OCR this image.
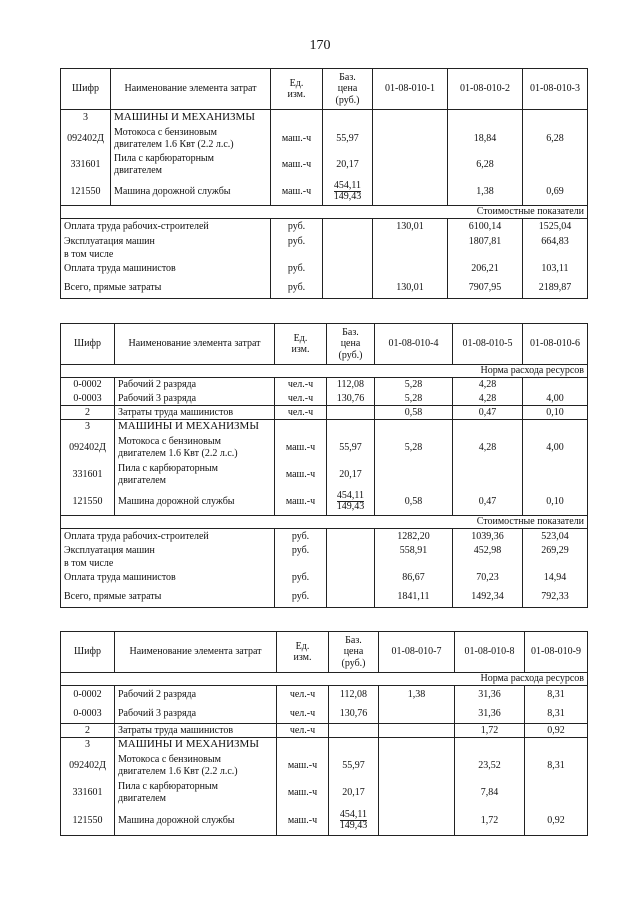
170
Шифр	Наименование элемента затрат	Ед.
изм.	Баз.
цена
(руб.)	01-08-010-1	01-08-010-2	01-08-010-3
3	МАШИНЫ И МЕХАНИЗМЫ					
092402Д	Мотокоса с бензиновым
двигателем 1.6 Квт (2.2 л.с.)	маш.-ч	55,97		18,84	6,28
331601	Пила с карбюраторным
двигателем	маш.-ч	20,17		6,28	
121550	Машина дорожной службы	маш.-ч	$\frac{454,11}{149,43}$		1,38	0,69
Стоимостные показатели						
Оплата труда рабочих-строителей		руб.		130,01	6100,14	1525,04
Эксплуатация машин		руб.			1807,81	664,83
в том числе						
Оплата труда машинистов		руб.			206,21	103,11
Всего, прямые затраты		руб.		130,01	7907,95	2189,87
Шифр	Наименование элемента затрат	Ед.
изм.	Баз.
цена
(руб.)	01-08-010-4	01-08-010-5	01-08-010-6
Норма расхода ресурсов						
0-0002	Рабочий 2 разряда	чел.-ч	112,08	5,28	4,28	
0-0003	Рабочий 3 разряда	чел.-ч	130,76	5,28	4,28	4,00
2	Затраты труда машинистов	чел.-ч		0,58	0,47	0,10
3	МАШИНЫ И МЕХАНИЗМЫ					
092402Д	Мотокоса с бензиновым
двигателем 1.6 Квт (2.2 л.с.)	маш.-ч	55,97	5,28	4,28	4,00
331601	Пила с карбюраторным
двигателем	маш.-ч	20,17			
121550	Машина дорожной службы	маш.-ч	$\frac{454,11}{149,43}$	0,58	0,47	0,10
Стоимостные показатели						
Оплата труда рабочих-строителей		руб.		1282,20	1039,36	523,04
Эксплуатация машин		руб.		558,91	452,98	269,29
в том числе						
Оплата труда машинистов		руб.		86,67	70,23	14,94
Всего, прямые затраты		руб.		1841,11	1492,34	792,33
Шифр	Наименование элемента затрат	Ед.
изм.	Баз.
цена
(руб.)	01-08-010-7	01-08-010-8	01-08-010-9
Норма расхода ресурсов						
0-0002	Рабочий 2 разряда	чел.-ч	112,08	1,38	31,36	8,31
0-0003	Рабочий 3 разряда	чел.-ч	130,76		31,36	8,31
2	Затраты труда машинистов	чел.-ч			1,72	0,92
3	МАШИНЫ И МЕХАНИЗМЫ					
092402Д	Мотокоса с бензиновым
двигателем 1.6 Квт (2.2 л.с.)	маш.-ч	55,97		23,52	8,31
331601	Пила с карбюраторным
двигателем	маш.-ч	20,17		7,84	
121550	Машина дорожной службы	маш.-ч	$\frac{454,11}{149,43}$		1,72	0,92
